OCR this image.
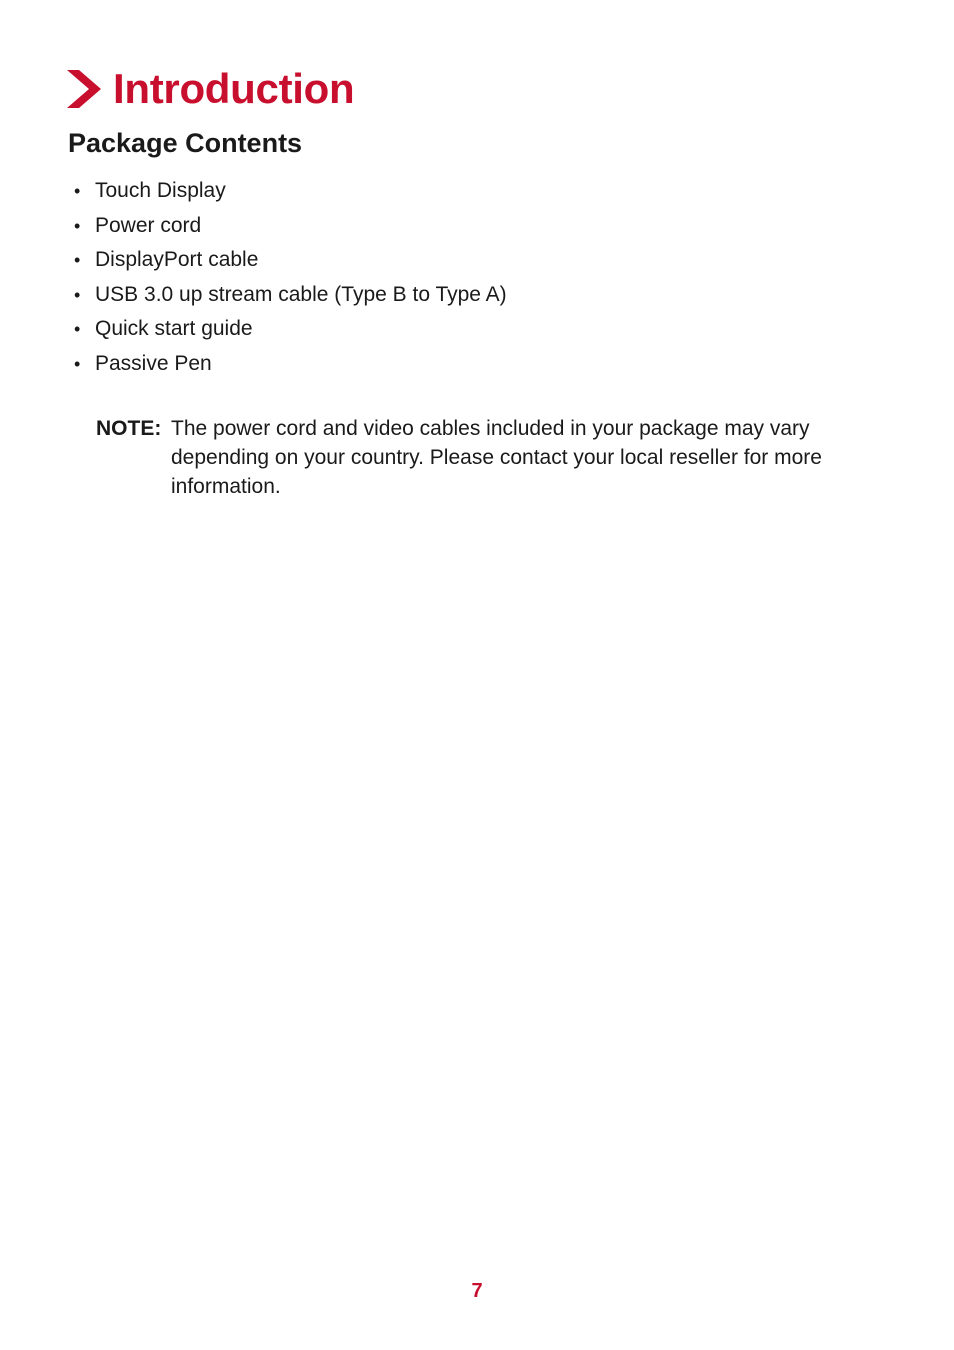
Introduction
Package Contents
• Touch Display
• Power cord
• DisplayPort cable
• USB 3.0 up stream cable (Type B to Type A)
• Quick start guide
• Passive Pen
NOTE: The power cord and video cables included in your package may vary depending on your country. Please contact your local reseller for more information.
7
